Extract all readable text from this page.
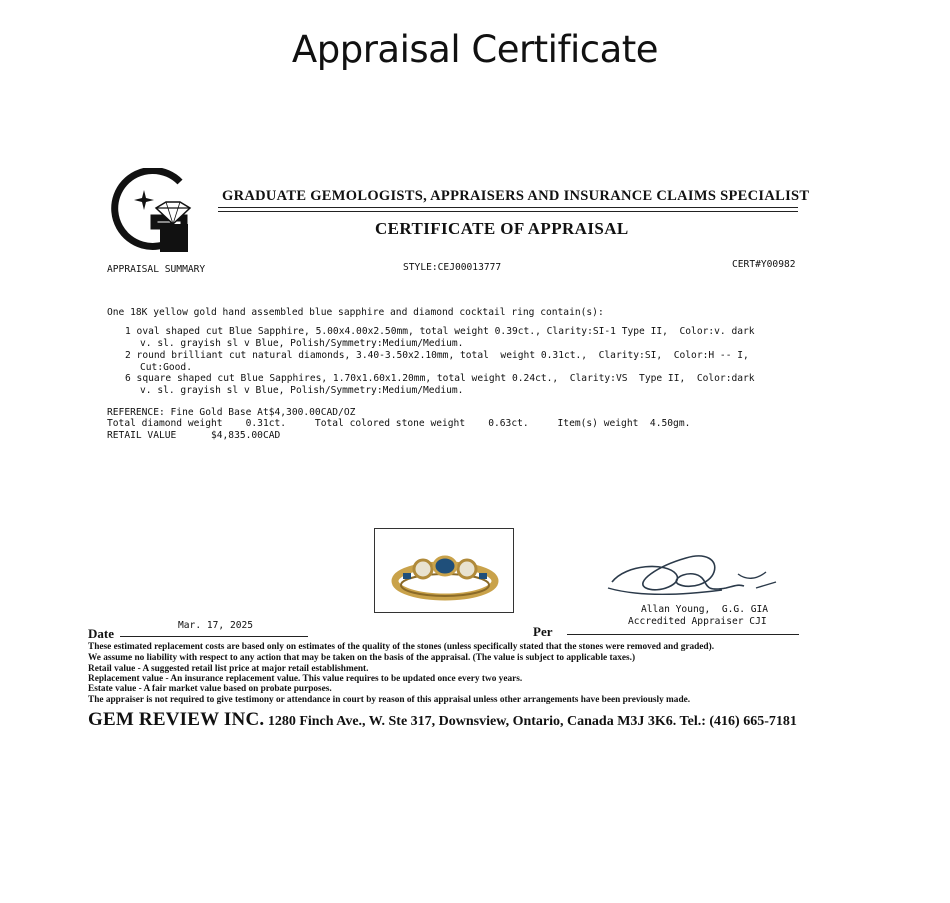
Appraisal Certificate
GRADUATE GEMOLOGISTS, APPRAISERS AND INSURANCE CLAIMS SPECIALIST
CERTIFICATE OF APPRAISAL
APPRAISAL SUMMARY	STYLE:CEJ00013777	CERT#Y00982
One 18K yellow gold hand assembled blue sapphire and diamond cocktail ring contain(s):
1 oval shaped cut Blue Sapphire, 5.00x4.00x2.50mm, total weight 0.39ct., Clarity:SI-1 Type II,  Color:v. dark
v. sl. grayish sl v Blue, Polish/Symmetry:Medium/Medium.
2 round brilliant cut natural diamonds, 3.40-3.50x2.10mm, total  weight 0.31ct.,  Clarity:SI,  Color:H -- I,
Cut:Good.
6 square shaped cut Blue Sapphires, 1.70x1.60x1.20mm, total weight 0.24ct.,  Clarity:VS  Type II,  Color:dark
v. sl. grayish sl v Blue, Polish/Symmetry:Medium/Medium.
REFERENCE: Fine Gold Base At$4,300.00CAD/OZ
Total diamond weight    0.31ct.     Total colored stone weight    0.63ct.     Item(s) weight  4.50gm.
RETAIL VALUE      $4,835.00CAD
Allan Young,  G.G. GIA
Accredited Appraiser CJI
Date
Mar. 17, 2025	Per
These estimated replacement costs are based only on estimates of the quality of the stones (unless specifically stated that the stones were removed and graded).
We assume no liability with respect to any action that may be taken on the basis of the appraisal. (The value is subject to applicable taxes.)
Retail value - A suggested retail list price at major retail establishment.
Replacement value - An insurance replacement value. This value requires to be updated once every two years.
Estate value - A fair market value based on probate purposes.
The appraiser is not required to give testimony or attendance in court by reason of this appraisal unless other arrangements have been previously made.
GEM REVIEW INC. 1280 Finch Ave., W. Ste 317, Downsview, Ontario, Canada M3J 3K6. Tel.: (416) 665-7181
